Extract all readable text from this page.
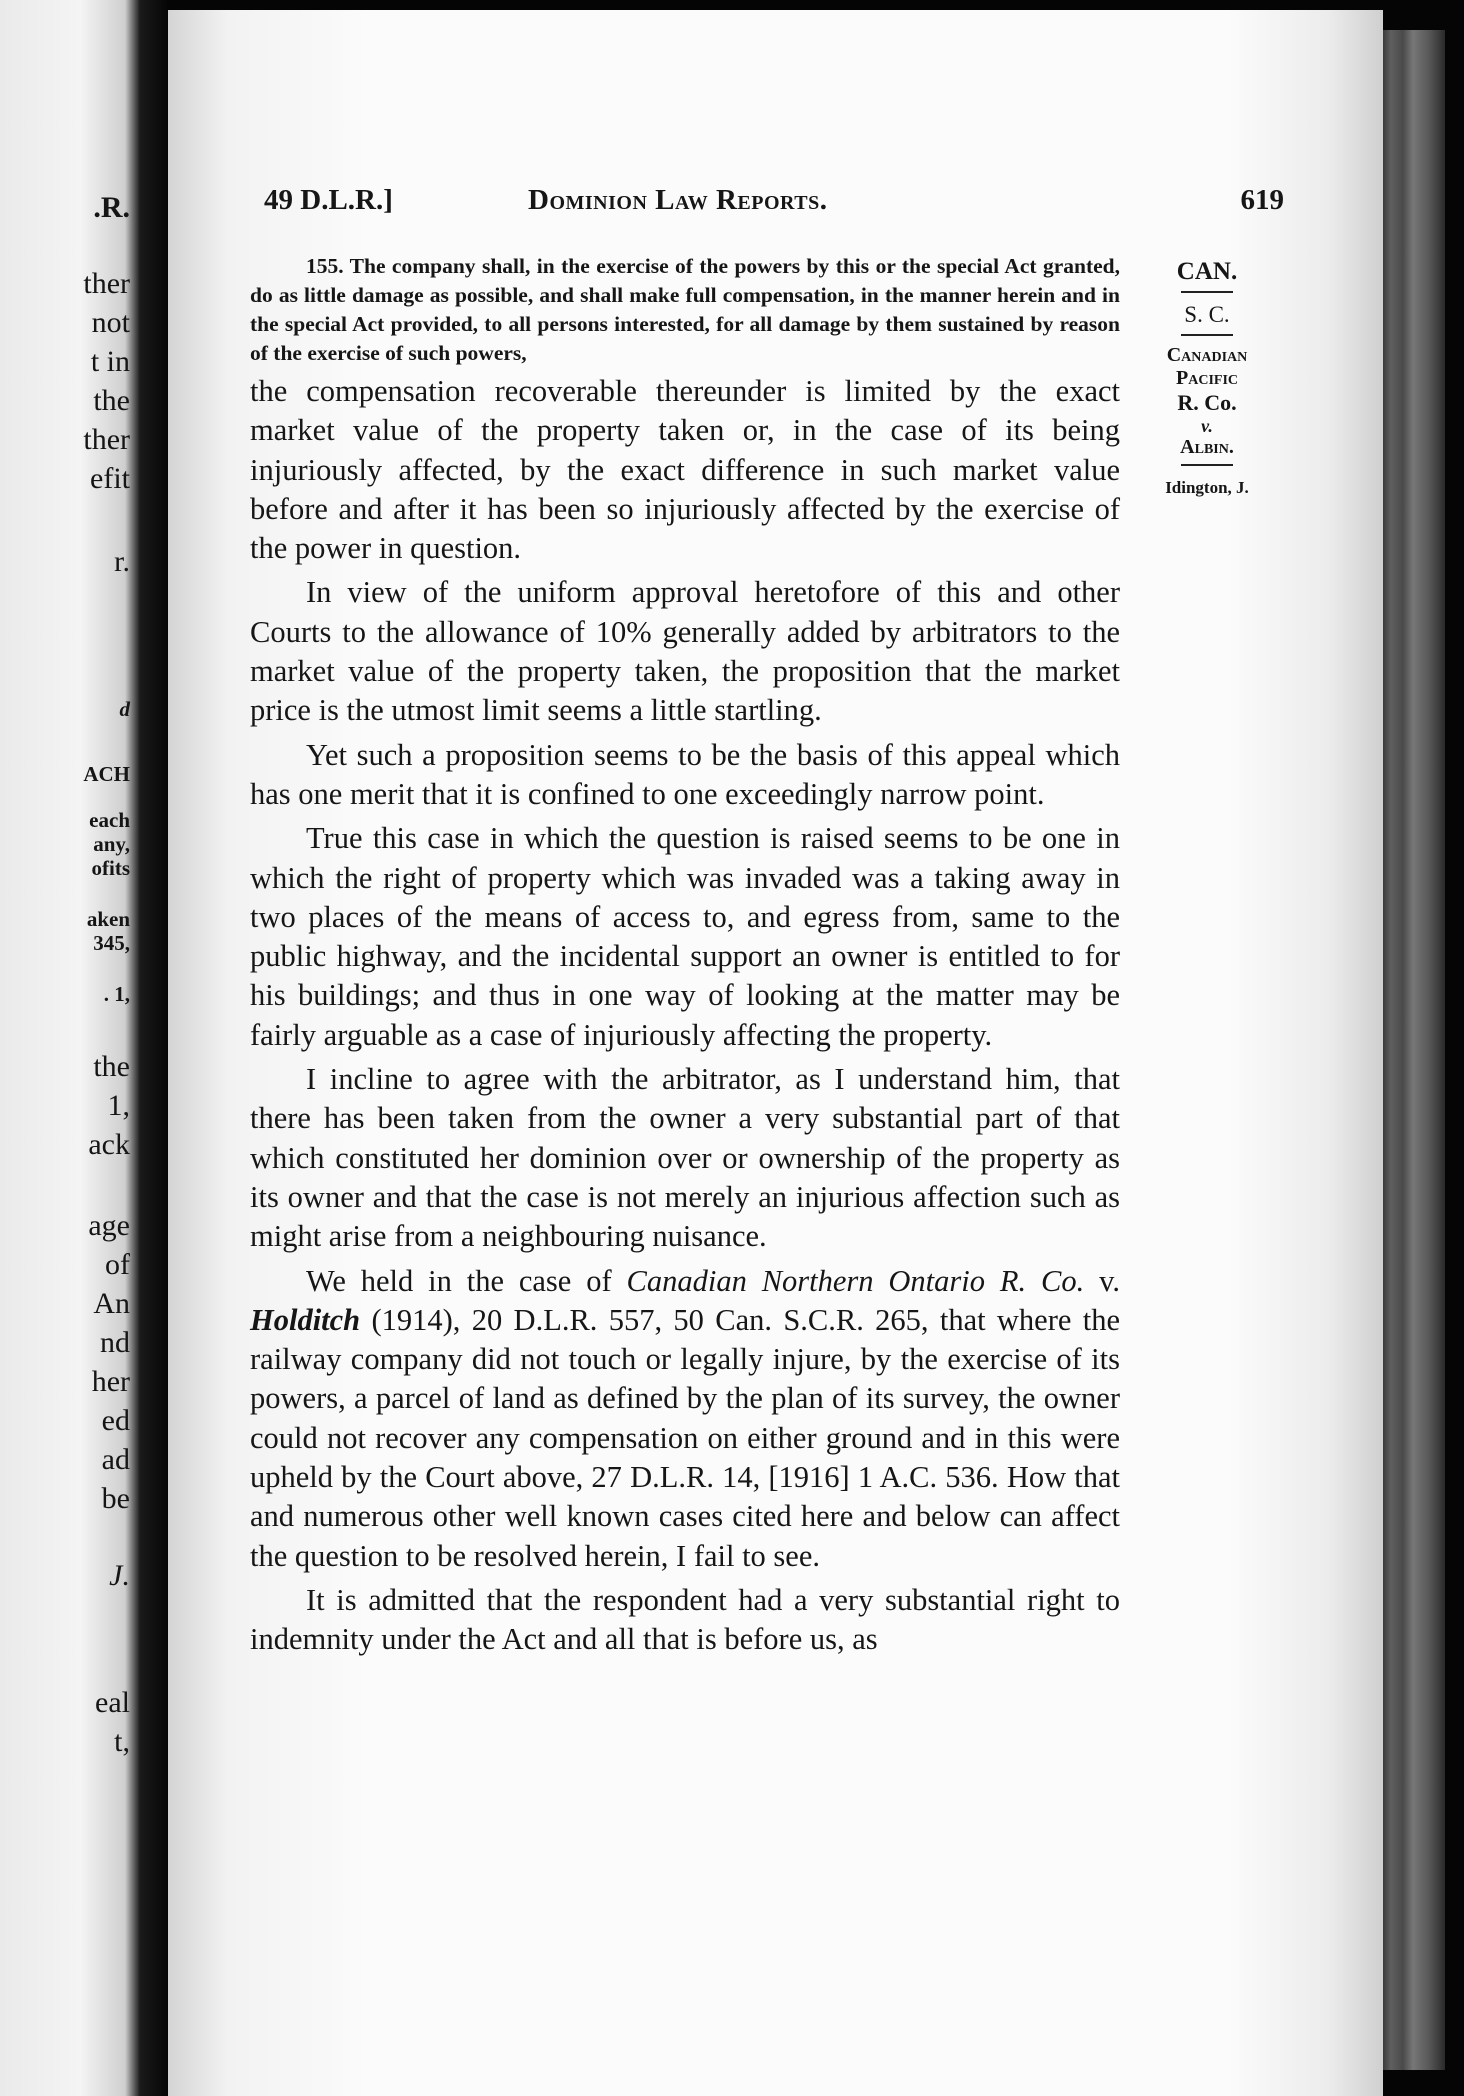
.R.
ther
not
t in
the
ther
efit
r.
d
ACH
each
any,
ofits
aken
345,
. 1,
the
1,
ack
age
of
An
nd
her
ed
ad
be
J.
eal
t,
49 D.L.R.]	Dominion Law Reports.	619
CAN.
S. C.
Canadian
Pacific
R. Co.
v.
Albin.
Idington, J.
155. The company shall, in the exercise of the powers by this or the special Act granted, do as little damage as possible, and shall make full compensation, in the manner herein and in the special Act provided, to all persons interested, for all damage by them sustained by reason of the exercise of such powers,

the compensation recoverable thereunder is limited by the exact market value of the property taken or, in the case of its being injuriously affected, by the exact difference in such market value before and after it has been so injuriously affected by the exercise of the power in question.

In view of the uniform approval heretofore of this and other Courts to the allowance of 10% generally added by arbitrators to the market value of the property taken, the proposition that the market price is the utmost limit seems a little startling.

Yet such a proposition seems to be the basis of this appeal which has one merit that it is confined to one exceedingly narrow point.

True this case in which the question is raised seems to be one in which the right of property which was invaded was a taking away in two places of the means of access to, and egress from, same to the public highway, and the incidental support an owner is entitled to for his buildings; and thus in one way of looking at the matter may be fairly arguable as a case of injuriously affecting the property.

I incline to agree with the arbitrator, as I understand him, that there has been taken from the owner a very substantial part of that which constituted her dominion over or ownership of the property as its owner and that the case is not merely an injurious affection such as might arise from a neighbouring nuisance.

We held in the case of Canadian Northern Ontario R. Co. v. Holditch (1914), 20 D.L.R. 557, 50 Can. S.C.R. 265, that where the railway company did not touch or legally injure, by the exercise of its powers, a parcel of land as defined by the plan of its survey, the owner could not recover any compensation on either ground and in this were upheld by the Court above, 27 D.L.R. 14, [1916] 1 A.C. 536. How that and numerous other well known cases cited here and below can affect the question to be resolved herein, I fail to see.

It is admitted that the respondent had a very substantial right to indemnity under the Act and all that is before us, as
